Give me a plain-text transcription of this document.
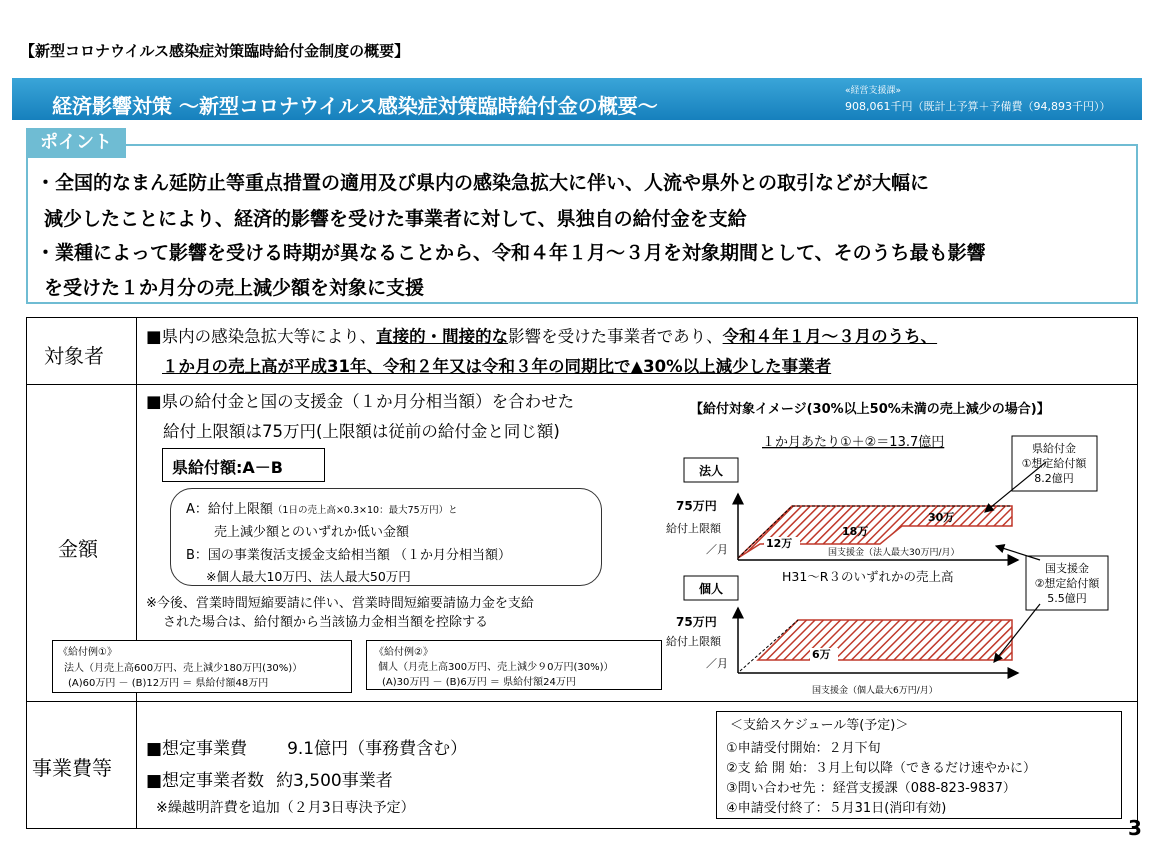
【新型コロナウイルス感染症対策臨時給付金制度の概要】
経済影響対策 ～新型コロナウイルス感染症対策臨時給付金の概要～
«経営支援課»
908,061千円（既計上予算＋予備費（94,893千円））
ポイント
・全国的なまん延防止等重点措置の適用及び県内の感染急拡大に伴い、人流や県外との取引などが大幅に
減少したことにより、経済的影響を受けた事業者に対して、県独自の給付金を支給
・業種によって影響を受ける時期が異なることから、令和４年１月～３月を対象期間として、そのうち最も影響
を受けた１か月分の売上減少額を対象に支援
対象者
■県内の感染急拡大等により、直接的・間接的な影響を受けた事業者であり、令和４年１月～３月のうち、
１か月の売上高が平成31年、令和２年又は令和３年の同期比で▲30%以上減少した事業者
金額
■県の給付金と国の支援金（１か月分相当額）を合わせた
給付上限額は75万円(上限額は従前の給付金と同じ額)
県給付額:A－B
A：給付上限額（1日の売上高×0.3×10：最大75万円）と
売上減少額とのいずれか低い金額
B：国の事業復活支援金支給相当額 （１か月分相当額）
※個人最大10万円、法人最大50万円
※今後、営業時間短縮要請に伴い、営業時間短縮要請協力金を支給
された場合は、給付額から当該協力金相当額を控除する
《給付例①》
法人（月売上高600万円、売上減少180万円(30%)）
(A)60万円 － (B)12万円 ＝ 県給付額48万円
《給付例②》
個人（月売上高300万円、売上減少９0万円(30%)）
(A)30万円 － (B)6万円 ＝ 県給付額24万円
【給付対象イメージ(30%以上50%未満の売上減少の場合)】
１か月あたり①＋②＝13.7億円	県給付金
①想定給付額
8.2億円
国支援金
②想定給付額
5.5億円
法人
75万円
給付上限額
／月	12万
18万
30万
国支援金（法人最大30万円/月）
H31～R３のいずれかの売上高
個人
75万円
給付上限額
／月
6万
国支援金（個人最大6万円/月）
事業費等
■想定事業費 9.1億円（事務費含む）
■想定事業者数 約3,500事業者
※繰越明許費を追加（２月3日専決予定）
＜支給スケジュール等(予定)＞
①申請受付開始：２月下旬
②支 給 開 始：３月上旬以降（できるだけ速やかに）
③問い合わせ先 ：経営支援課（088-823-9837）
④申請受付終了：５月31日(消印有効)
3
